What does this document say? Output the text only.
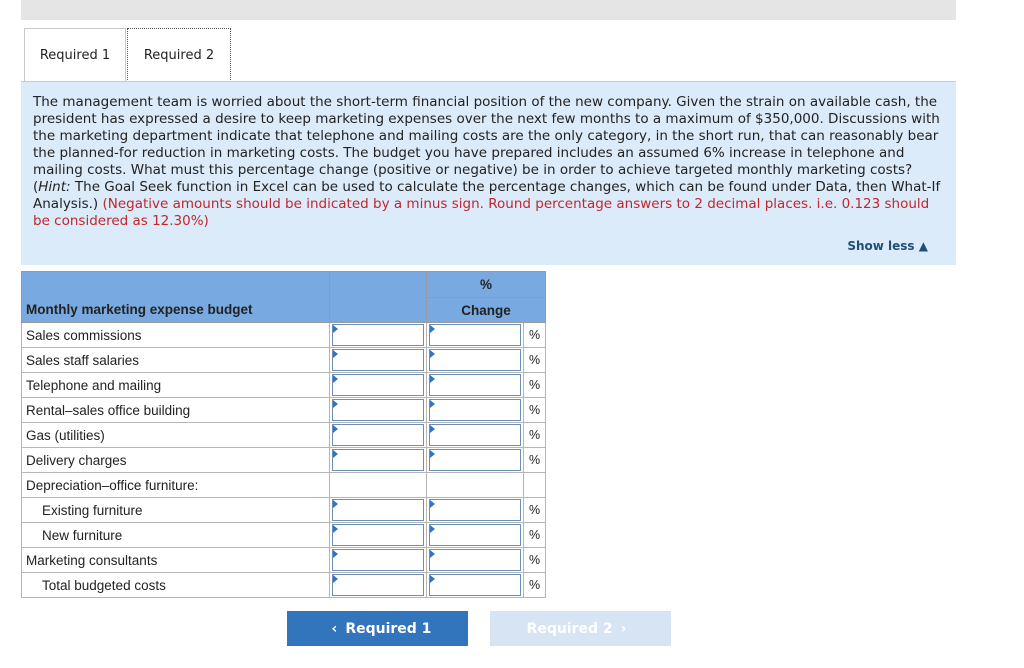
Required 1	Required 2
The management team is worried about the short-term financial position of the new company. Given the strain on available cash, the president has expressed a desire to keep marketing expenses over the next few months to a maximum of $350,000. Discussions with the marketing department indicate that telephone and mailing costs are the only category, in the short run, that can reasonably bear the planned-for reduction in marketing costs. The budget you have prepared includes an assumed 6% increase in telephone and mailing costs. What must this percentage change (positive or negative) be in order to achieve targeted monthly marketing costs? (Hint: The Goal Seek function in Excel can be used to calculate the percentage changes, which can be found under Data, then What-If Analysis.) (Negative amounts should be indicated by a minus sign. Round percentage answers to 2 decimal places. i.e. 0.123 should be considered as 12.30%)
Show less ▲
Monthly marketing expense budget		%	
		Change	
Sales commissions			%
Sales staff salaries			%
Telephone and mailing			%
Rental–sales office building			%
Gas (utilities)			%
Delivery charges			%
Depreciation–office furniture:			
Existing furniture			%
New furniture			%
Marketing consultants			%
Total budgeted costs			%
‹ Required 1	Required 2 ›
